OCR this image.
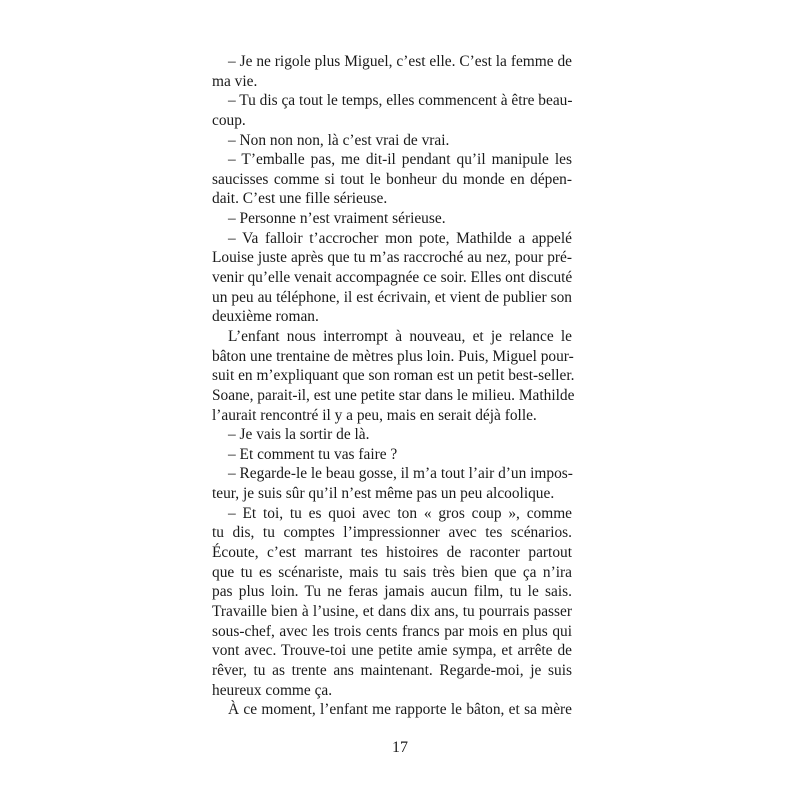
– Je ne rigole plus Miguel, c’est elle. C’est la femme de
ma vie.
– Tu dis ça tout le temps, elles commencent à être beau-
coup.
– Non non non, là c’est vrai de vrai.
– T’emballe pas, me dit-il pendant qu’il manipule les
saucisses comme si tout le bonheur du monde en dépen-
dait. C’est une fille sérieuse.
– Personne n’est vraiment sérieuse.
– Va falloir t’accrocher mon pote, Mathilde a appelé
Louise juste après que tu m’as raccroché au nez, pour pré-
venir qu’elle venait accompagnée ce soir. Elles ont discuté
un peu au téléphone, il est écrivain, et vient de publier son
deuxième roman.
L’enfant nous interrompt à nouveau, et je relance le
bâton une trentaine de mètres plus loin. Puis, Miguel pour-
suit en m’expliquant que son roman est un petit best-seller.
Soane, parait-il, est une petite star dans le milieu. Mathilde
l’aurait rencontré il y a peu, mais en serait déjà folle.
– Je vais la sortir de là.
– Et comment tu vas faire ?
– Regarde-le le beau gosse, il m’a tout l’air d’un impos-
teur, je suis sûr qu’il n’est même pas un peu alcoolique.
– Et toi, tu es quoi avec ton « gros coup », comme
tu dis, tu comptes l’impressionner avec tes scénarios.
Écoute, c’est marrant tes histoires de raconter partout
que tu es scénariste, mais tu sais très bien que ça n’ira
pas plus loin. Tu ne feras jamais aucun film, tu le sais.
Travaille bien à l’usine, et dans dix ans, tu pourrais passer
sous-chef, avec les trois cents francs par mois en plus qui
vont avec. Trouve-toi une petite amie sympa, et arrête de
rêver, tu as trente ans maintenant. Regarde-moi, je suis
heureux comme ça.
À ce moment, l’enfant me rapporte le bâton, et sa mère
17
